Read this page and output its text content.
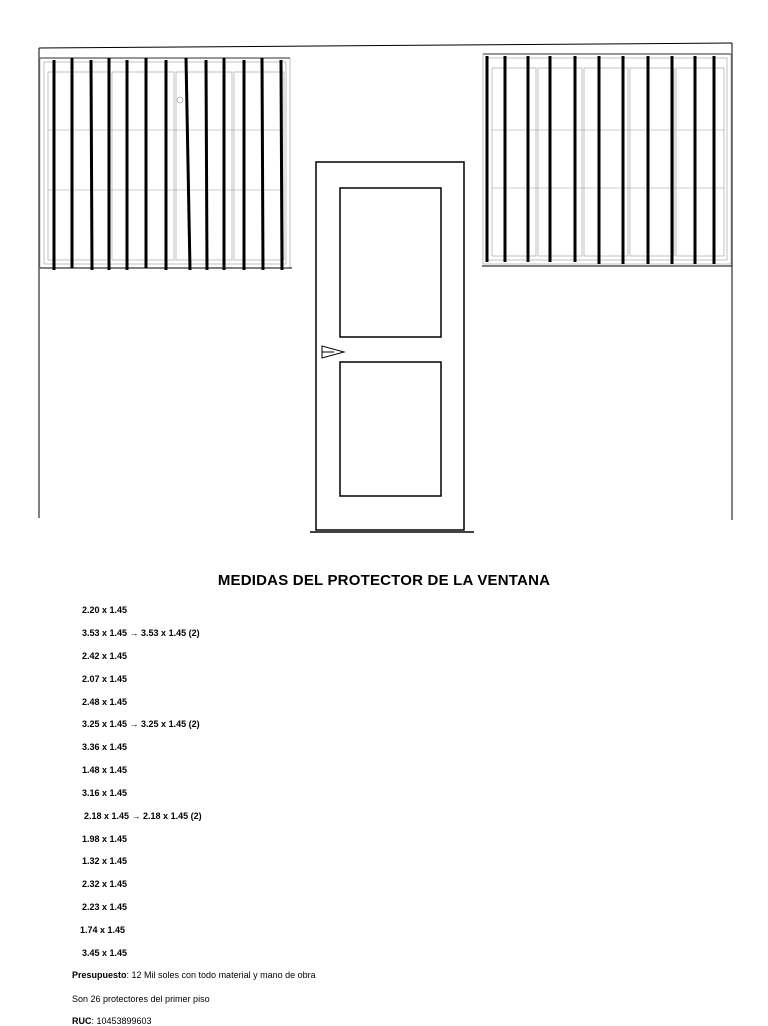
MEDIDAS DEL PROTECTOR DE LA VENTANA
2.20 x 1.45
3.53 x 1.45 → 3.53 x 1.45 (2)
2.42 x 1.45
2.07 x 1.45
2.48 x 1.45
3.25 x 1.45 → 3.25 x 1.45 (2)
3.36 x 1.45
1.48 x 1.45
3.16 x 1.45
2.18 x 1.45 → 2.18 x 1.45 (2)
1.98 x 1.45
1.32 x 1.45
2.32 x 1.45
2.23 x 1.45
1.74 x 1.45
3.45 x 1.45
Presupuesto: 12 Mil soles con todo material y mano de obra
Son 26 protectores del primer piso
RUC: 10453899603
